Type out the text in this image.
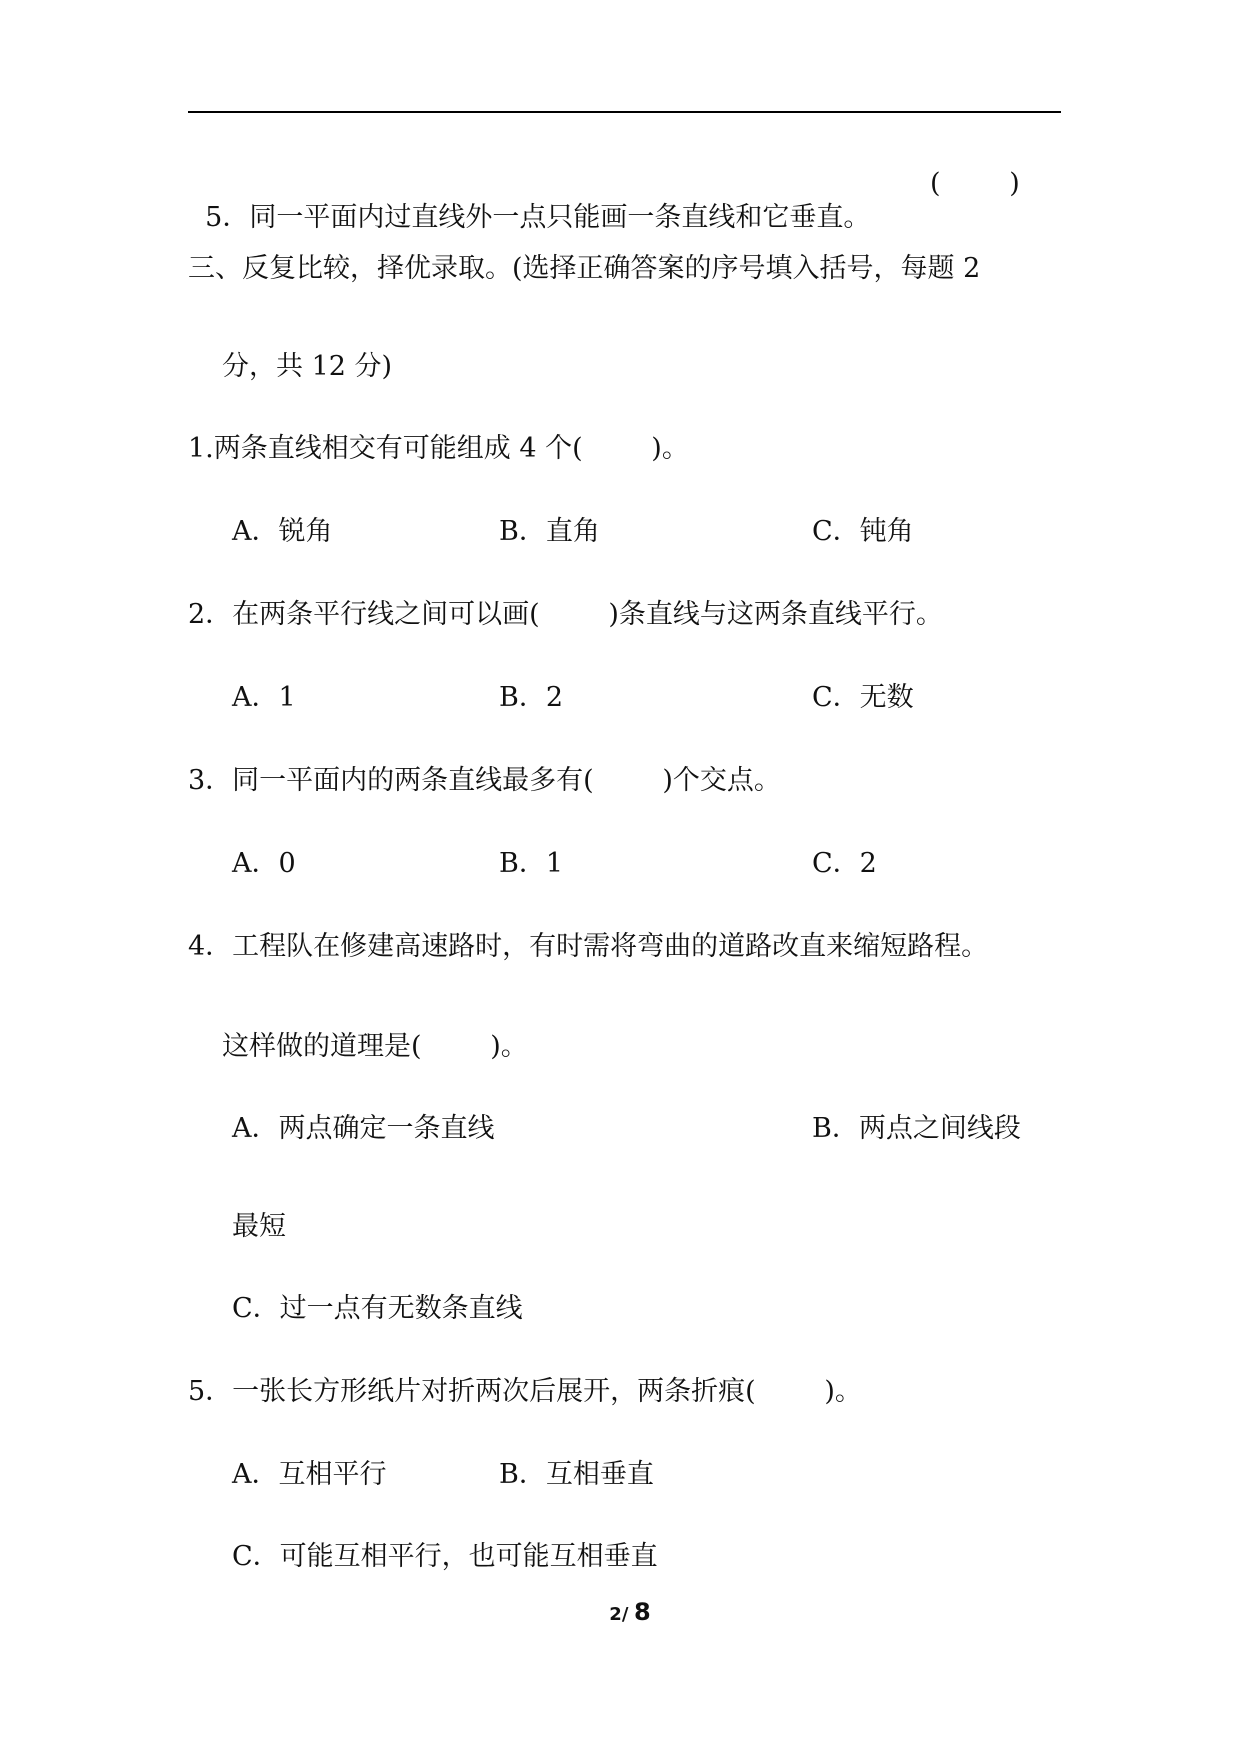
5．同一平面内过直线外一点只能画一条直线和它垂直。

(        )
三、反复比较，择优录取。(选择正确答案的序号填入括号，每题 2
分，共 12 分)
1.两条直线相交有可能组成 4 个(        )。
A．锐角	B．直角	C．钝角
2．在两条平行线之间可以画(        )条直线与这两条直线平行。
A．1	B．2	C．无数
3．同一平面内的两条直线最多有(        )个交点。
A．0	B．1	C．2
4．工程队在修建高速路时，有时需将弯曲的道路改直来缩短路程。
这样做的道理是(        )。
A．两点确定一条直线	B．两点之间线段
最短
C．过一点有无数条直线
5．一张长方形纸片对折两次后展开，两条折痕(        )。
A．互相平行	B．互相垂直
C．可能互相平行，也可能互相垂直
2/ 8
